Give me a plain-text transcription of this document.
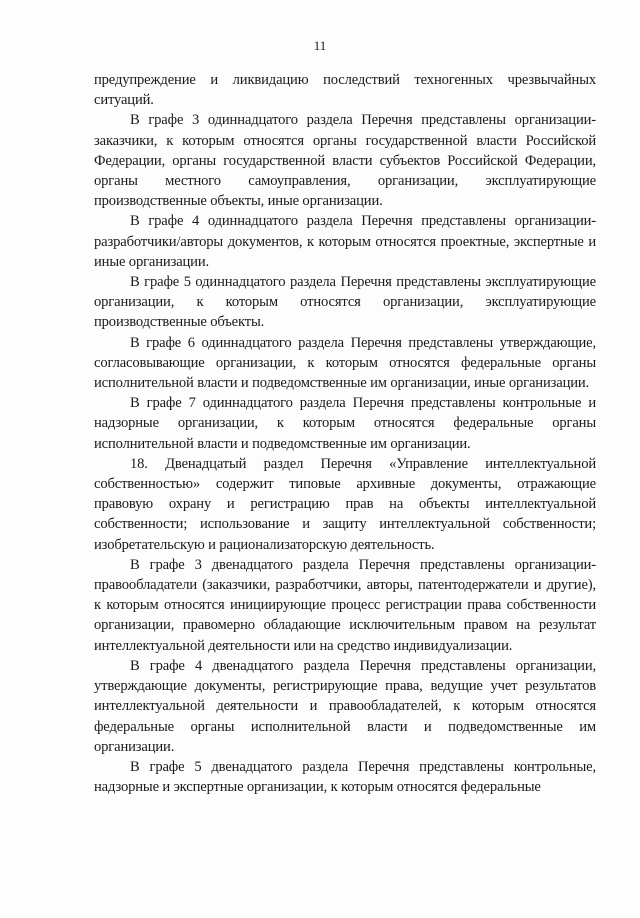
11

предупреждение и ликвидацию последствий техногенных чрезвычайных ситуаций.

В графе 3 одиннадцатого раздела Перечня представлены организации-заказчики, к которым относятся органы государственной власти Российской Федерации, органы государственной власти субъектов Российской Федерации, органы местного самоуправления, организации, эксплуатирующие производственные объекты, иные организации.

В графе 4 одиннадцатого раздела Перечня представлены организации-разработчики/авторы документов, к которым относятся проектные, экспертные и иные организации.

В графе 5 одиннадцатого раздела Перечня представлены эксплуатирующие организации, к которым относятся организации, эксплуатирующие производственные объекты.

В графе 6 одиннадцатого раздела Перечня представлены утверждающие, согласовывающие организации, к которым относятся федеральные органы исполнительной власти и подведомственные им организации, иные организации.

В графе 7 одиннадцатого раздела Перечня представлены контрольные и надзорные организации, к которым относятся федеральные органы исполнительной власти и подведомственные им организации.

18. Двенадцатый раздел Перечня «Управление интеллектуальной собственностью» содержит типовые архивные документы, отражающие правовую охрану и регистрацию прав на объекты интеллектуальной собственности; использование и защиту интеллектуальной собственности; изобретательскую и рационализаторскую деятельность.

В графе 3 двенадцатого раздела Перечня представлены организации-правообладатели (заказчики, разработчики, авторы, патентодержатели и другие), к которым относятся инициирующие процесс регистрации права собственности организации, правомерно обладающие исключительным правом на результат интеллектуальной деятельности или на средство индивидуализации.

В графе 4 двенадцатого раздела Перечня представлены организации, утверждающие документы, регистрирующие права, ведущие учет результатов интеллектуальной деятельности и правообладателей, к которым относятся федеральные органы исполнительной власти и подведомственные им организации.

В графе 5 двенадцатого раздела Перечня представлены контрольные, надзорные и экспертные организации, к которым относятся федеральные
